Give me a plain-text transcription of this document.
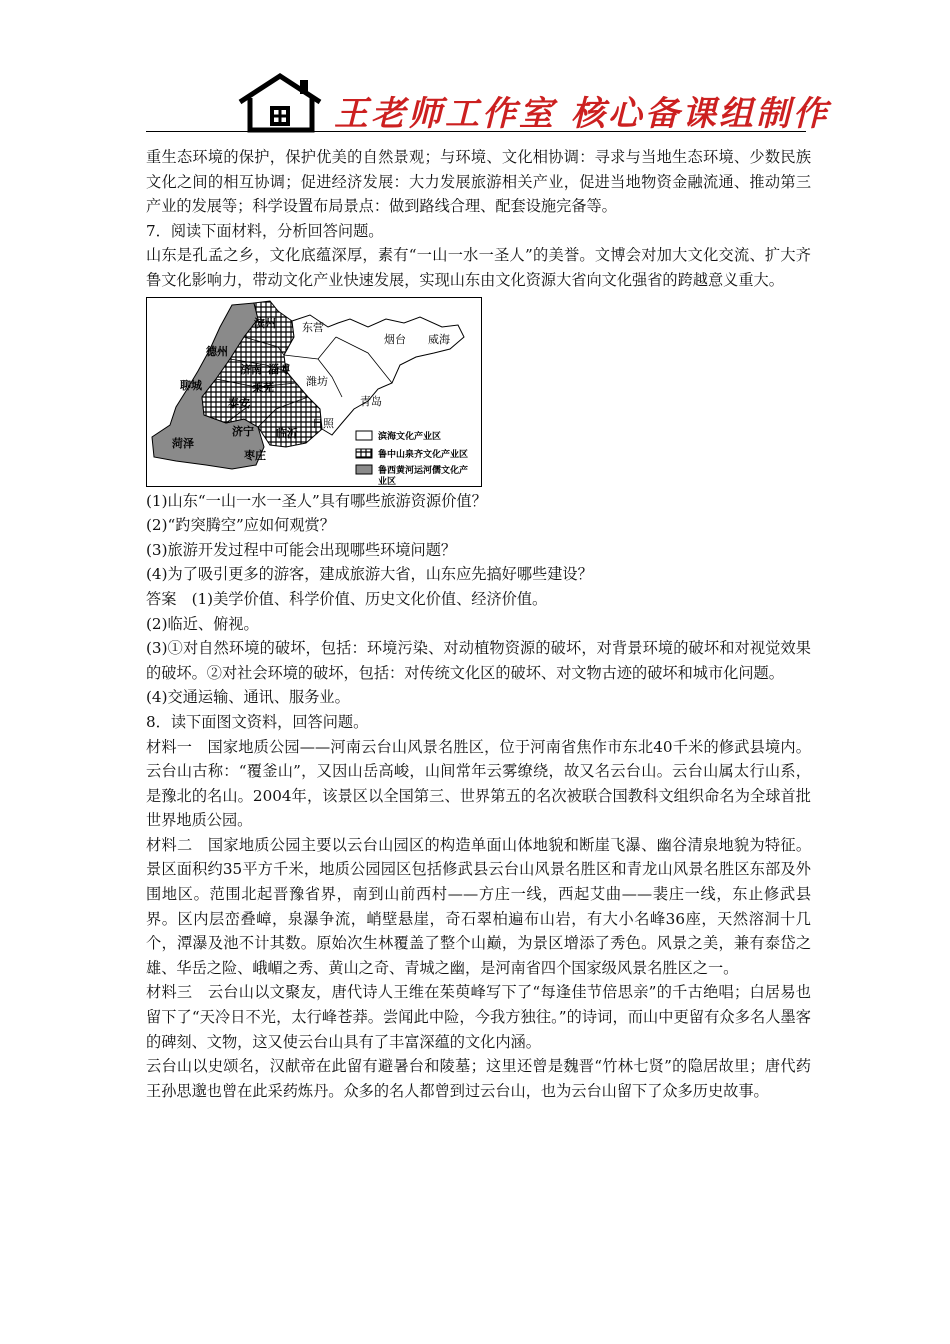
王老师工作室 核心备课组制作

重生态环境的保护，保护优美的自然景观；与环境、文化相协调：寻求与当地生态环境、少数民族文化之间的相互协调；促进经济发展：大力发展旅游相关产业，促进当地物资金融流通、推动第三产业的发展等；科学设置布局景点：做到路线合理、配套设施完备等。

7．阅读下面材料，分析回答问题。

山东是孔孟之乡，文化底蕴深厚，素有“一山一水一圣人”的美誉。文博会对加大文化交流、扩大齐鲁文化影响力，带动文化产业快速发展，实现山东由文化资源大省向文化强省的跨越意义重大。

德州
滨州 东营
烟台 威海
济南 淄博
聊城	潍坊
莱芜
泰安	青岛
菏泽
济宁 临沂
日照
枣庄
滨海文化产业区
鲁中山泉齐文化产业区
鲁西黄河运河儒文化产
业区

(1)山东“一山一水一圣人”具有哪些旅游资源价值？

(2)“趵突腾空”应如何观赏？

(3)旅游开发过程中可能会出现哪些环境问题？

(4)为了吸引更多的游客，建成旅游大省，山东应先搞好哪些建设？

答案　(1)美学价值、科学价值、历史文化价值、经济价值。

(2)临近、俯视。

(3)①对自然环境的破坏，包括：环境污染、对动植物资源的破坏，对背景环境的破坏和对视觉效果的破坏。②对社会环境的破坏，包括：对传统文化区的破坏、对文物古迹的破坏和城市化问题。

(4)交通运输、通讯、服务业。

8．读下面图文资料，回答问题。

材料一　国家地质公园——河南云台山风景名胜区，位于河南省焦作市东北40千米的修武县境内。云台山古称：“覆釜山”，又因山岳高峻，山间常年云雾缭绕，故又名云台山。云台山属太行山系，是豫北的名山。2004年，该景区以全国第三、世界第五的名次被联合国教科文组织命名为全球首批世界地质公园。

材料二　国家地质公园主要以云台山园区的构造单面山体地貌和断崖飞瀑、幽谷清泉地貌为特征。景区面积约35平方千米，地质公园园区包括修武县云台山风景名胜区和青龙山风景名胜区东部及外围地区。范围北起晋豫省界，南到山前西村——方庄一线，西起艾曲——裴庄一线，东止修武县界。区内层峦叠嶂，泉瀑争流，峭壁悬崖，奇石翠柏遍布山岩，有大小名峰36座，天然溶洞十几个，潭瀑及池不计其数。原始次生林覆盖了整个山巅，为景区增添了秀色。风景之美，兼有泰岱之雄、华岳之险、峨嵋之秀、黄山之奇、青城之幽，是河南省四个国家级风景名胜区之一。

材料三　云台山以文聚友，唐代诗人王维在茱萸峰写下了“每逢佳节倍思亲”的千古绝唱；白居易也留下了“天冷日不光，太行峰苍莽。尝闻此中险，今我方独往。”的诗词，而山中更留有众多名人墨客的碑刻、文物，这又使云台山具有了丰富深蕴的文化内涵。

云台山以史颂名，汉献帝在此留有避暑台和陵墓；这里还曾是魏晋“竹林七贤”的隐居故里；唐代药王孙思邈也曾在此采药炼丹。众多的名人都曾到过云台山，也为云台山留下了众多历史故事。
